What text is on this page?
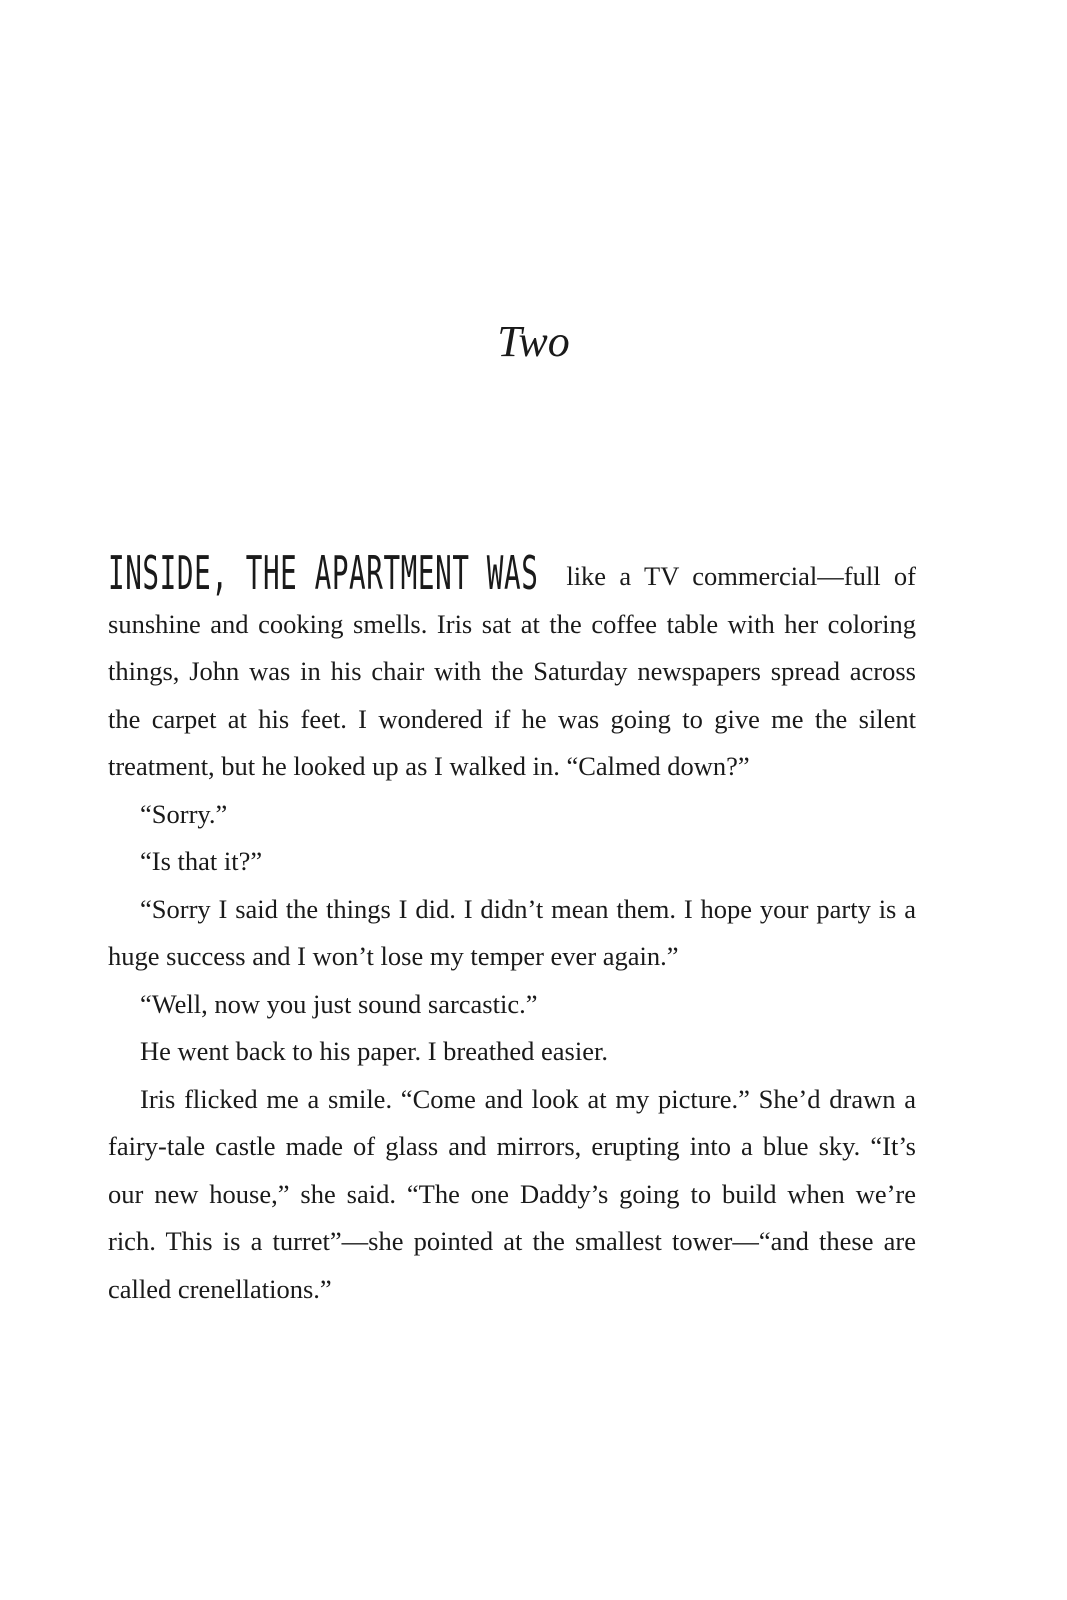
Two

INSIDE, THE APARTMENT WAS like a TV commercial—full of sunshine and cooking smells. Iris sat at the coffee table with her coloring things, John was in his chair with the Saturday newspapers spread across the carpet at his feet. I wondered if he was going to give me the silent treatment, but he looked up as I walked in. “Calmed down?”

“Sorry.”

“Is that it?”

“Sorry I said the things I did. I didn’t mean them. I hope your party is a huge success and I won’t lose my temper ever again.”

“Well, now you just sound sarcastic.”

He went back to his paper. I breathed easier.

Iris flicked me a smile. “Come and look at my picture.” She’d drawn a fairy-tale castle made of glass and mirrors, erupting into a blue sky. “It’s our new house,” she said. “The one Daddy’s going to build when we’re rich. This is a turret”—she pointed at the smallest tower—“and these are called crenellations.”
